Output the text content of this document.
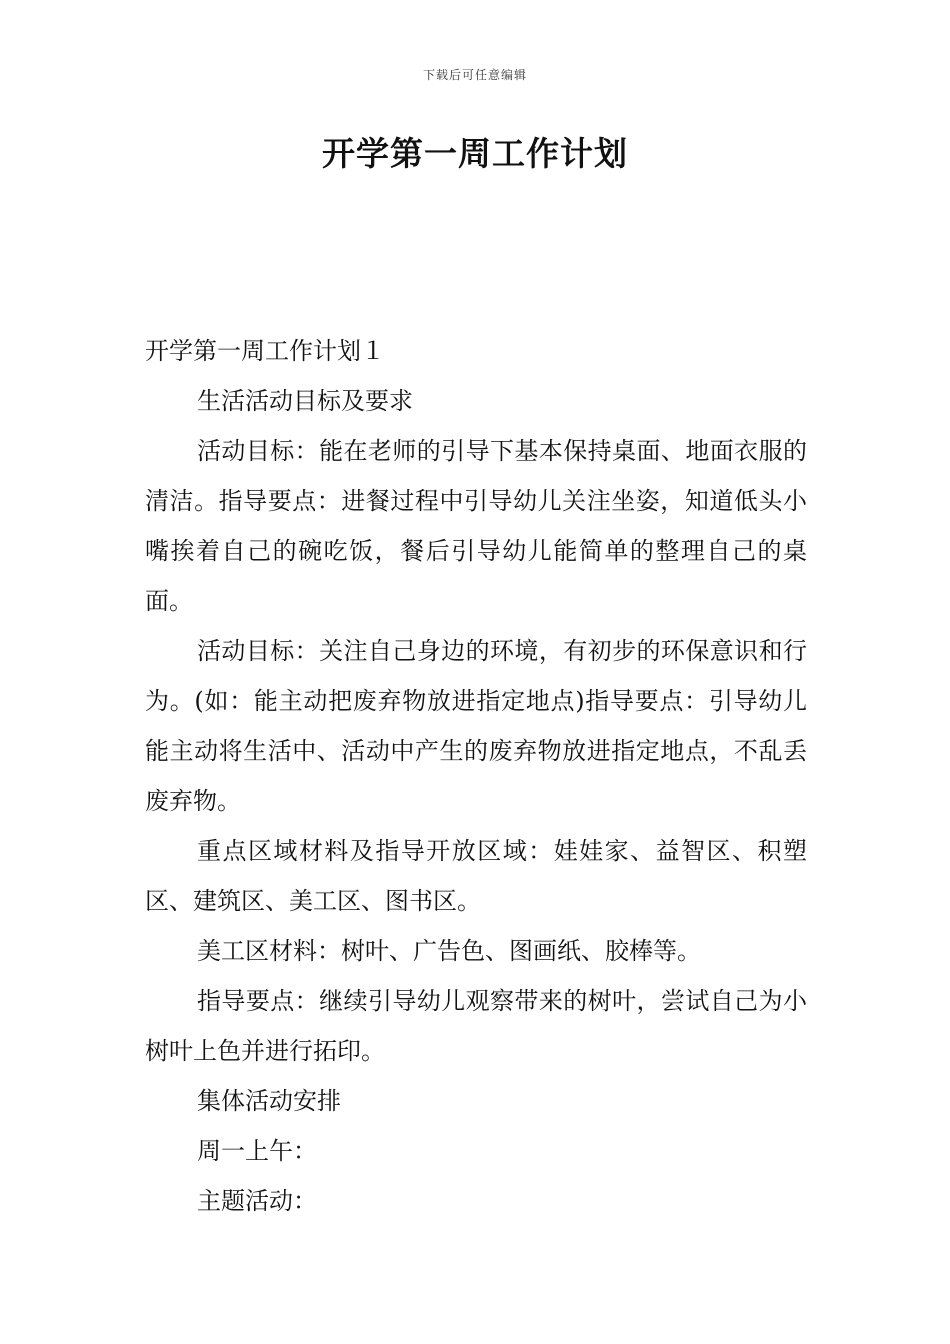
下载后可任意编辑
开学第一周工作计划

开学第一周工作计划１

生活活动目标及要求

活动目标：能在老师的引导下基本保持桌面、地面衣服的清洁。指导要点：进餐过程中引导幼儿关注坐姿，知道低头小嘴挨着自己的碗吃饭，餐后引导幼儿能简单的整理自己的桌面。

活动目标：关注自己身边的环境，有初步的环保意识和行为。(如：能主动把废弃物放进指定地点)指导要点：引导幼儿能主动将生活中、活动中产生的废弃物放进指定地点，不乱丢废弃物。

重点区域材料及指导开放区域：娃娃家、益智区、积塑区、建筑区、美工区、图书区。

美工区材料：树叶、广告色、图画纸、胶棒等。

指导要点：继续引导幼儿观察带来的树叶，尝试自己为小树叶上色并进行拓印。

集体活动安排

周一上午：

主题活动：
